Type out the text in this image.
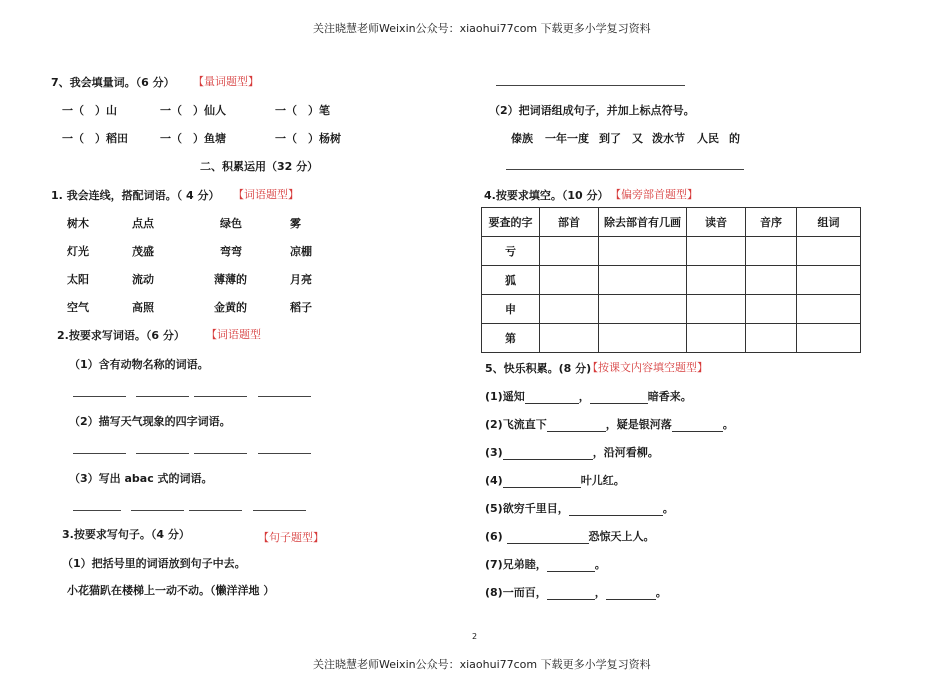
关注晓慧老师Weixin公众号：xiaohui77com 下载更多小学复习资料
关注晓慧老师Weixin公众号：xiaohui77com 下载更多小学复习资料
2
7、我会填量词。（6 分） 【量词题型】
一（　）山	一（　）仙人	一（　）笔
一（　）稻田	一（　）鱼塘	一（　）杨树
二、积累运用（32 分）
1. 我会连线，搭配词语。（ 4 分） 【词语题型】
树木	点点	绿色	雾
灯光	茂盛	弯弯	凉棚
太阳	流动	薄薄的	月亮
空气	高照	金黄的	稻子
2.按要求写词语。（6 分） 【词语题型
（1）含有动物名称的词语。
（2）描写天气现象的四字词语。
（3）写出 abac 式的词语。
3.按要求写句子。（4 分）	【句子题型】
（1）把括号里的词语放到句子中去。
小花猫趴在楼梯上一动不动。（懒洋洋地 ）
（2）把词语组成句子，并加上标点符号。
傣族 一年一度 到了 又 泼水节 人民 的
4.按要求填空。（10 分） 【偏旁部首题型】
要查的字	部首	除去部首有几画	读音	音序	组词
亏					
狐					
申					
第					
5、快乐积累。(8 分)
【按课文内容填空题型】
(1)遥知	，	暗香来。
(2)飞流直下	，疑是银河落	。
(3)	，沿河看柳。
(4)	叶儿红。
(5)欲穷千里目，	。
(6)	恐惊天上人。
(7)兄弟睦，	。
(8)一而百，	，	。
